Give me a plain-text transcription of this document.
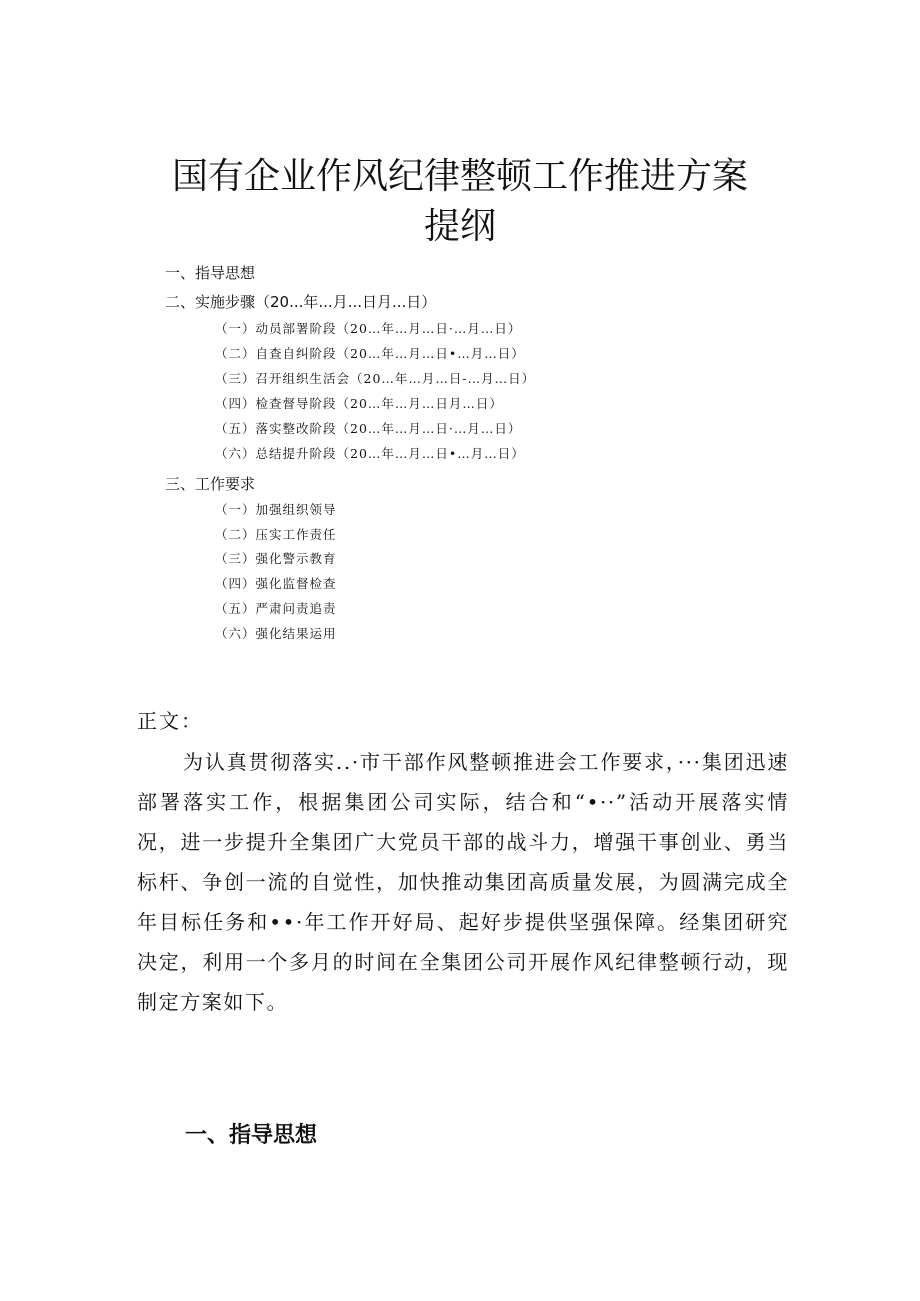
国有企业作风纪律整顿工作推进方案
提纲
一、指导思想
二、实施步骤（20...年...月...日月...日）
（一）动员部署阶段（20…年…月…日·…月…日）
（二）自查自纠阶段（20…年…月…日•…月…日）
（三）召开组织生活会（20…年…月…日-…月…日）
（四）检查督导阶段（20…年…月…日月…日）
（五）落实整改阶段（20…年…月…日·…月…日）
（六）总结提升阶段（20…年…月…日•…月…日）
三、工作要求
（一）加强组织领导
（二）压实工作责任
（三）强化警示教育
（四）强化监督检查
（五）严肃问责追责
（六）强化结果运用
正文：

为认真贯彻落实..·市干部作风整顿推进会工作要求，···集团迅速部署落实工作，根据集团公司实际，结合和“•··”活动开展落实情况，进一步提升全集团广大党员干部的战斗力，增强干事创业、勇当标杆、争创一流的自觉性，加快推动集团高质量发展，为圆满完成全年目标任务和••·年工作开好局、起好步提供坚强保障。经集团研究决定，利用一个多月的时间在全集团公司开展作风纪律整顿行动，现制定方案如下。

一、指导思想
